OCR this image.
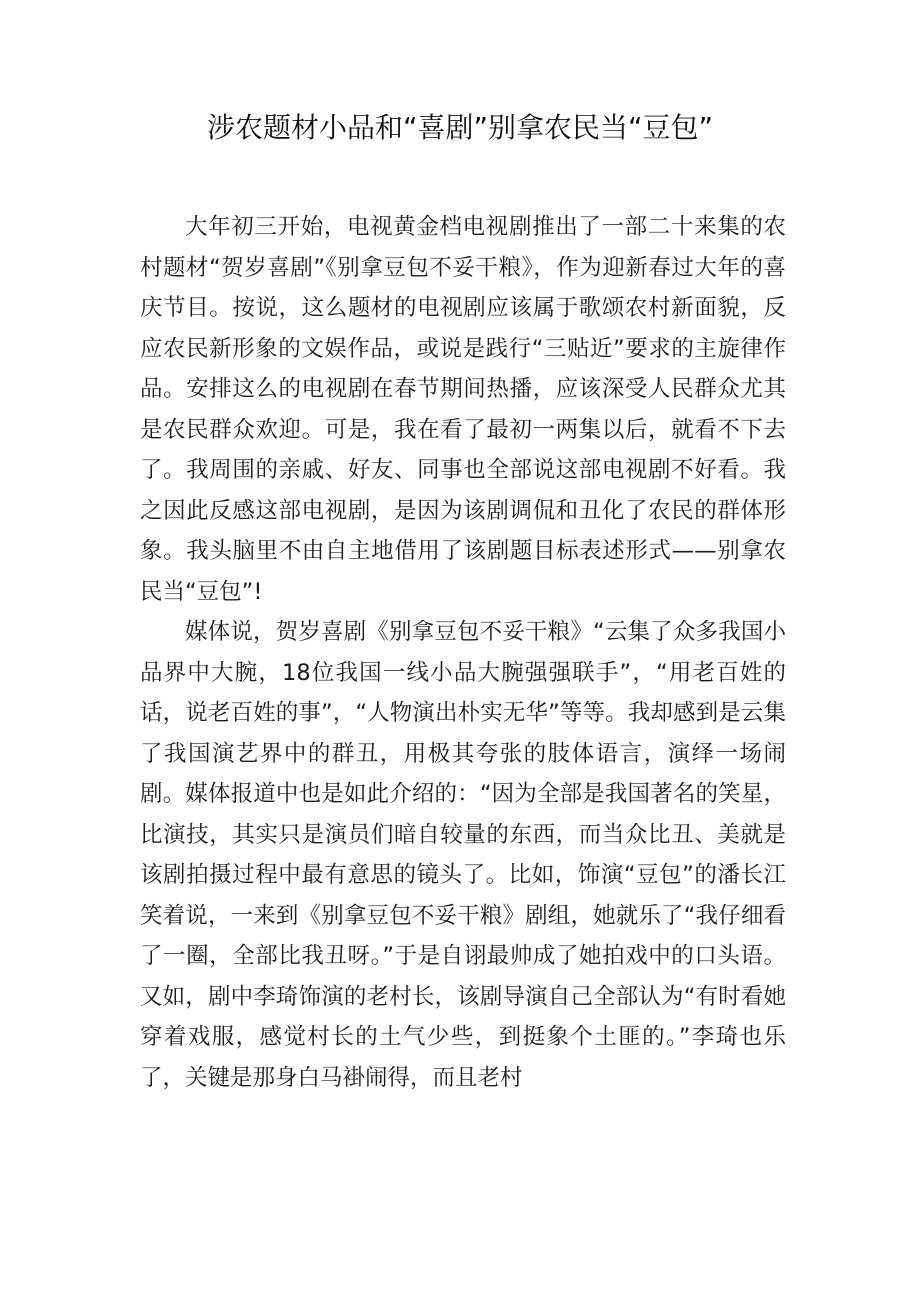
涉农题材小品和“喜剧”别拿农民当“豆包”

大年初三开始，电视黄金档电视剧推出了一部二十来集的农村题材“贺岁喜剧”《别拿豆包不妥干粮》，作为迎新春过大年的喜庆节目。按说，这么题材的电视剧应该属于歌颂农村新面貌，反应农民新形象的文娱作品，或说是践行“三贴近”要求的主旋律作品。安排这么的电视剧在春节期间热播，应该深受人民群众尤其是农民群众欢迎。可是，我在看了最初一两集以后，就看不下去了。我周围的亲戚、好友、同事也全部说这部电视剧不好看。我之因此反感这部电视剧，是因为该剧调侃和丑化了农民的群体形象。我头脑里不由自主地借用了该剧题目标表述形式——别拿农民当“豆包”!

媒体说，贺岁喜剧《别拿豆包不妥干粮》“云集了众多我国小品界中大腕，18位我国一线小品大腕强强联手”，“用老百姓的话，说老百姓的事”，“人物演出朴实无华”等等。我却感到是云集了我国演艺界中的群丑，用极其夸张的肢体语言，演绎一场闹剧。媒体报道中也是如此介绍的：“因为全部是我国著名的笑星，比演技，其实只是演员们暗自较量的东西，而当众比丑、美就是该剧拍摄过程中最有意思的镜头了。比如，饰演“豆包”的潘长江笑着说，一来到《别拿豆包不妥干粮》剧组，她就乐了“我仔细看了一圈，全部比我丑呀。”于是自诩最帅成了她拍戏中的口头语。又如，剧中李琦饰演的老村长，该剧导演自己全部认为“有时看她穿着戏服，感觉村长的土气少些，到挺象个土匪的。”李琦也乐了，关键是那身白马褂闹得，而且老村
